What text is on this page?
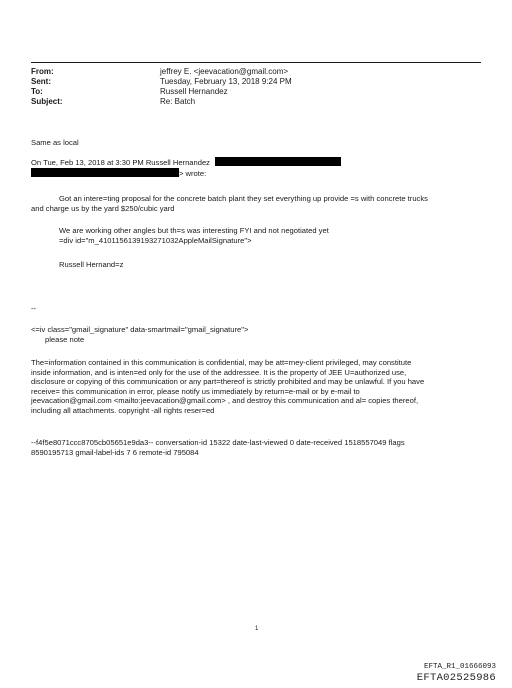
From:	jeffrey E. <jeevacation@gmail.com>
Sent:	Tuesday, February 13, 2018 9:24 PM
To:	Russell Hernandez
Subject:	Re: Batch
Same as local
On Tue, Feb 13, 2018 at 3:30 PM Russell Hernandez
> wrote:
Got an intere=ting proposal for the concrete batch plant they set everything up provide =s with concrete trucks
and charge us by the yard $250/cubic yard
We are working other angles but th=s was interesting FYI and not negotiated yet
=div id="m_4101156139193271032AppleMailSignature">
Russell Hernand=z
--
<=iv class="gmail_signature" data-smartmail="gmail_signature">
please note
The=information contained in this communication is confidential, may be att=rney-client privileged, may constitute
inside information, and is inten=ed only for the use of the addressee. It is the property of JEE U=authorized use,
disclosure or copying of this communication or any part=thereof is strictly prohibited and may be unlawful. If you have
receive= this communication in error, please notify us immediately by return=e-mail or by e-mail to
jeevacation@gmail.com <mailto:jeevacation@gmail.com> , and destroy this communication and al= copies thereof,
including all attachments. copyright -all rights reser=ed
--f4f5e8071ccc8705cb05651e9da3-- conversation-id 15322 date-last-viewed 0 date-received 1518557049 flags
8590195713 gmail-label-ids 7 6 remote-id 795084
1
EFTA_R1_01666093
EFTA02525986
